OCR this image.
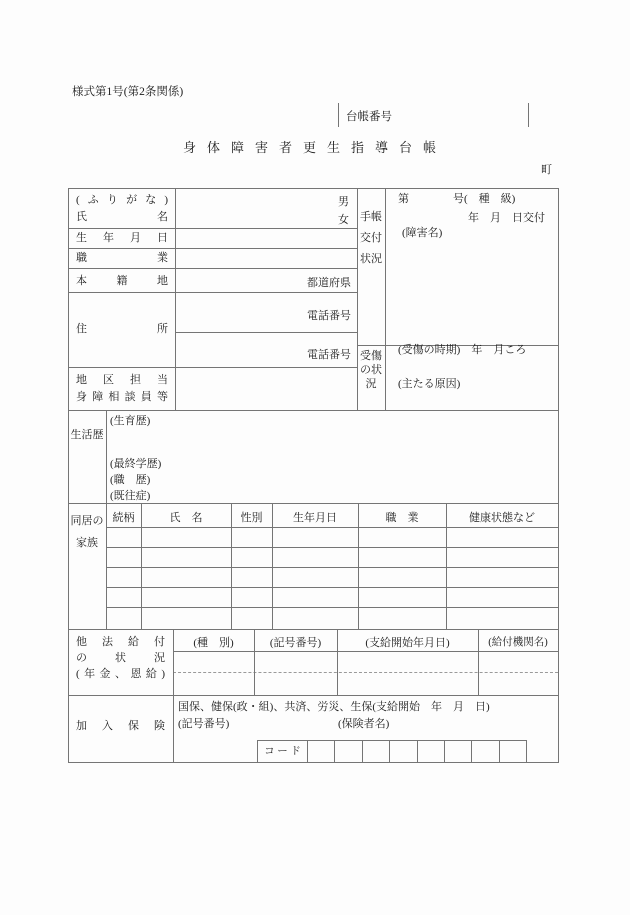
様式第1号(第2条関係)
台帳番号
身体障害者更生指導台帳
町
(ふりがな)
氏名
男
女
生年月日
職業
本籍地	都道府県
住所
電話番号
電話番号
地区担当
身障相談員等
手帳交付状況
第　　　　号(　種　級)
年　月　日交付
(障害名)
受傷の状況
(受傷の時期)　年　月ころ
(主たる原因)
生活歴
(生育歴)
(最終学歴)
(職　歴)
(既往症)
同居の家族
続柄	氏　名	性別	生年月日	職　業	健康状態など
他法給付
の状況
(年金、恩給)
(種　別)	(記号番号)	(支給開始年月日)	(給付機関名)
加入保険
国保、健保(政・組)、共済、労災、生保(支給開始　年　月　日)
(記号番号)	(保険者名)
コ ー ド
